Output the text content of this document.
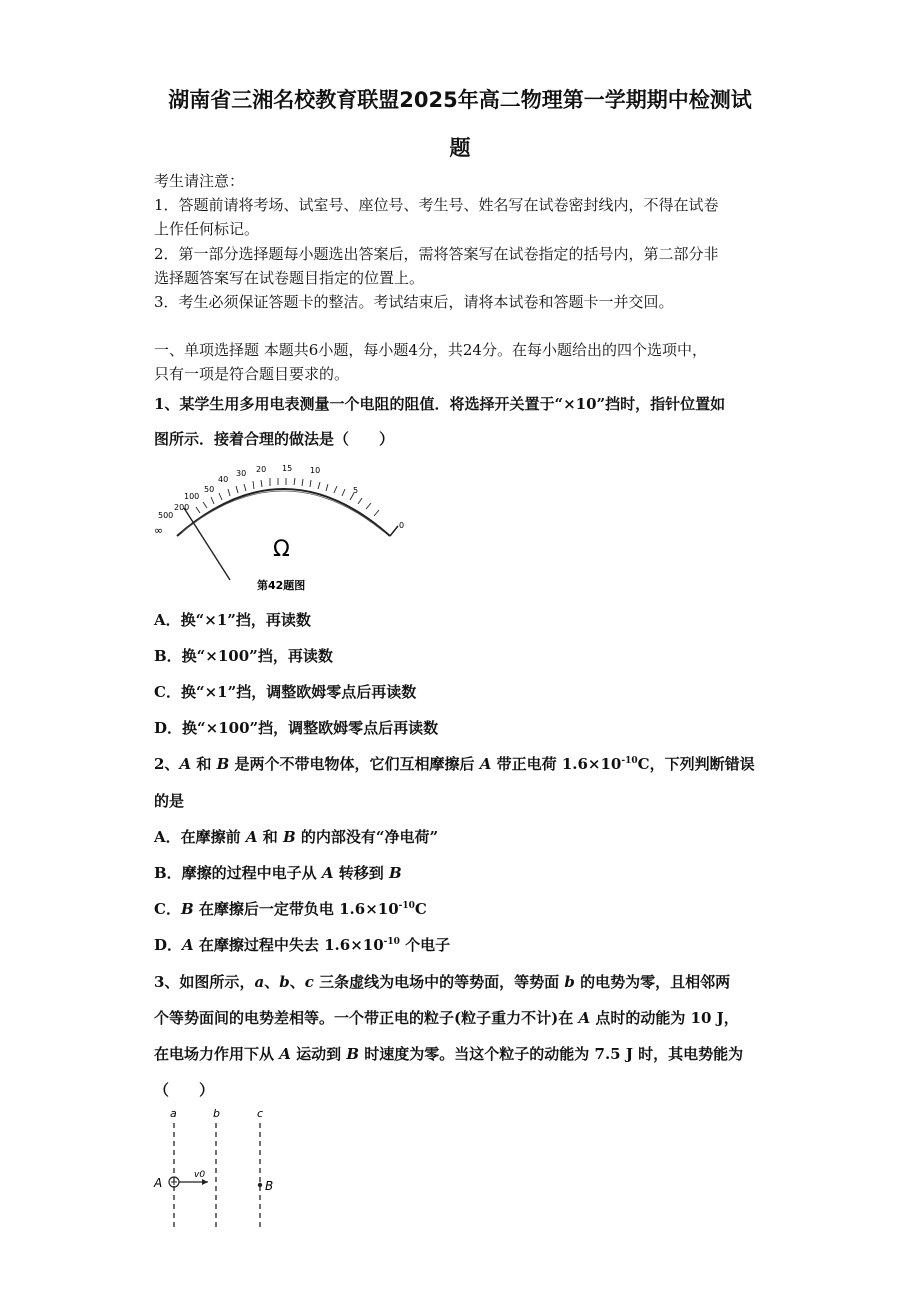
湖南省三湘名校教育联盟2025年高二物理第一学期期中检测试
题
考生请注意：
1．答题前请将考场、试室号、座位号、考生号、姓名写在试卷密封线内，不得在试卷
上作任何标记。
2．第一部分选择题每小题选出答案后，需将答案写在试卷指定的括号内，第二部分非
选择题答案写在试卷题目指定的位置上。
3．考生必须保证答题卡的整洁。考试结束后，请将本试卷和答题卡一并交回。
一、单项选择题 本题共6小题，每小题4分，共24分。在每小题给出的四个选项中，
只有一项是符合题目要求的。
1、某学生用多用电表测量一个电阻的阻值．将选择开关置于“×10”挡时，指针位置如
图所示．接着合理的做法是（　　）
∞
500
200
100
50
40
30 20 15 10
5
0
Ω
第42题图
A．换“×1”挡，再读数
B．换“×100”挡，再读数
C．换“×1”挡，调整欧姆零点后再读数
D．换“×100”挡，调整欧姆零点后再读数
2、A 和 B 是两个不带电物体，它们互相摩擦后 A 带正电荷 $1.6\times 10^{-10}C$，下列判断错误
的是
A．在摩擦前 A 和 B 的内部没有“净电荷”
B．摩擦的过程中电子从 A 转移到 B
C．B 在摩擦后一定带负电 $1.6\times 10^{-10}C$
D．A 在摩擦过程中失去 $1.6\times 10^{-10}$ 个电子
3、如图所示，a、b、c 三条虚线为电场中的等势面，等势面 b 的电势为零，且相邻两
个等势面间的电势差相等。一个带正电的粒子(粒子重力不计)在 A 点时的动能为 10 J，
在电场力作用下从 A 运动到 B 时速度为零。当这个粒子的动能为 7.5 J 时，其电势能为
（　　）
a	b	c
v0
A	B
